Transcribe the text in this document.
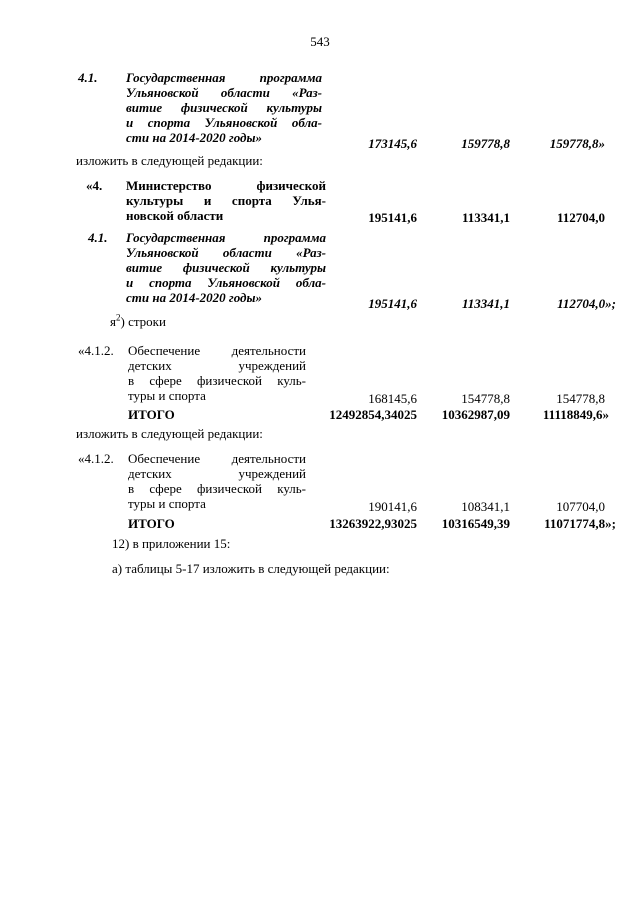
543
4.1. Государственная программа
Ульяновской области «Раз-
витие физической культуры
и спорта Ульяновской обла-
сти на 2014-2020 годы»	173145,6	159778,8	159778,8»
изложить в следующей редакции:
«4. Министерство физической
культуры и спорта Улья-
новской области	195141,6	113341,1	112704,0
4.1. Государственная программа
Ульяновской области «Раз-
витие физической культуры
и спорта Ульяновской обла-
сти на 2014-2020 годы»	195141,6	113341,1	112704,0»;
$я^2$) строки
«4.1.2. Обеспечение деятельности
детских учреждений
в сфере физической куль-
туры и спорта	168145,6	154778,8	154778,8
ИТОГО	12492854,34025 10362987,09	11118849,6»
изложить в следующей редакции:
«4.1.2. Обеспечение деятельности
детских учреждений
в сфере физической куль-
туры и спорта	190141,6	108341,1	107704,0
ИТОГО	13263922,93025 10316549,39	11071774,8»;
12) в приложении 15:
а) таблицы 5-17 изложить в следующей редакции:
